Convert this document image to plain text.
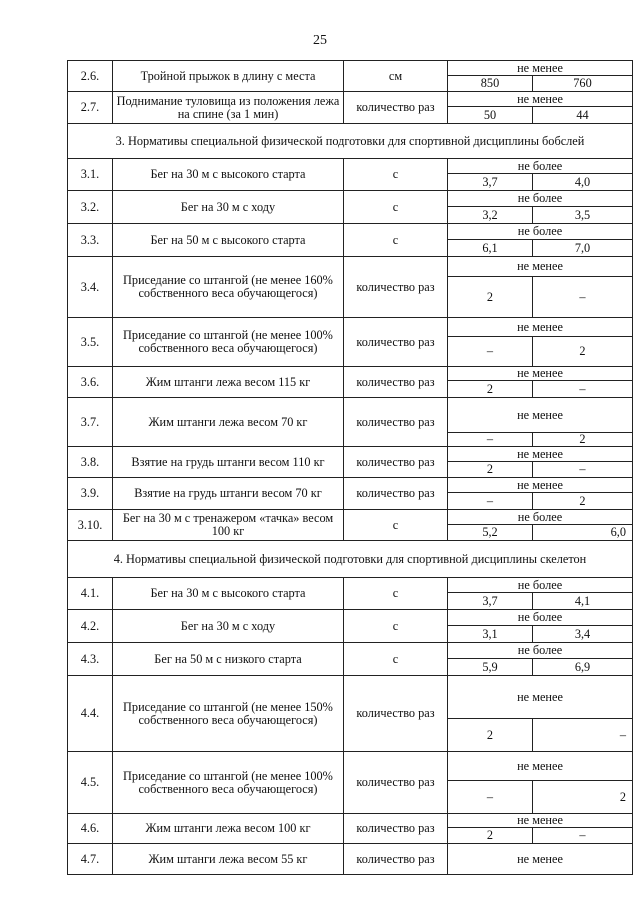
25
2.6.	Тройной прыжок в длину с места	см	не менее	
			850	760
2.7.	Поднимание туловища из положения лежа на спине (за 1 мин)	количество раз	не менее	
			50	44
3. Нормативы специальной физической подготовки для спортивной дисциплины бобслей				
3.1.	Бег на 30 м с высокого старта	с	не более	
			3,7	4,0
3.2.	Бег на 30 м с ходу	с	не более	
			3,2	3,5
3.3.	Бег на 50 м с высокого старта	с	не более	
			6,1	7,0
3.4.	Приседание со штангой (не менее 160% собственного веса обучающегося)	количество раз	не менее	
			2	–
3.5.	Приседание со штангой (не менее 100% собственного веса обучающегося)	количество раз	не менее	
			–	2
3.6.	Жим штанги лежа весом 115 кг	количество раз	не менее	
			2	–
3.7.	Жим штанги лежа весом 70 кг	количество раз	не менее	
			–	2
3.8.	Взятие на грудь штанги весом 110 кг	количество раз	не менее	
			2	–
3.9.	Взятие на грудь штанги весом 70 кг	количество раз	не менее	
			–	2
3.10.	Бег на 30 м с тренажером «тачка» весом 100 кг	с	не более	
			5,2	6,0
4. Нормативы специальной физической подготовки для спортивной дисциплины скелетон				
4.1.	Бег на 30 м с высокого старта	с	не более	
			3,7	4,1
4.2.	Бег на 30 м с ходу	с	не более	
			3,1	3,4
4.3.	Бег на 50 м с низкого старта	с	не более	
			5,9	6,9
4.4.	Приседание со штангой (не менее 150% собственного веса обучающегося)	количество раз	не менее	
			2	–
4.5.	Приседание со штангой (не менее 100% собственного веса обучающегося)	количество раз	не менее	
			–	2
4.6.	Жим штанги лежа весом 100 кг	количество раз	не менее	
			2	–
4.7.	Жим штанги лежа весом 55 кг	количество раз	не менее	
